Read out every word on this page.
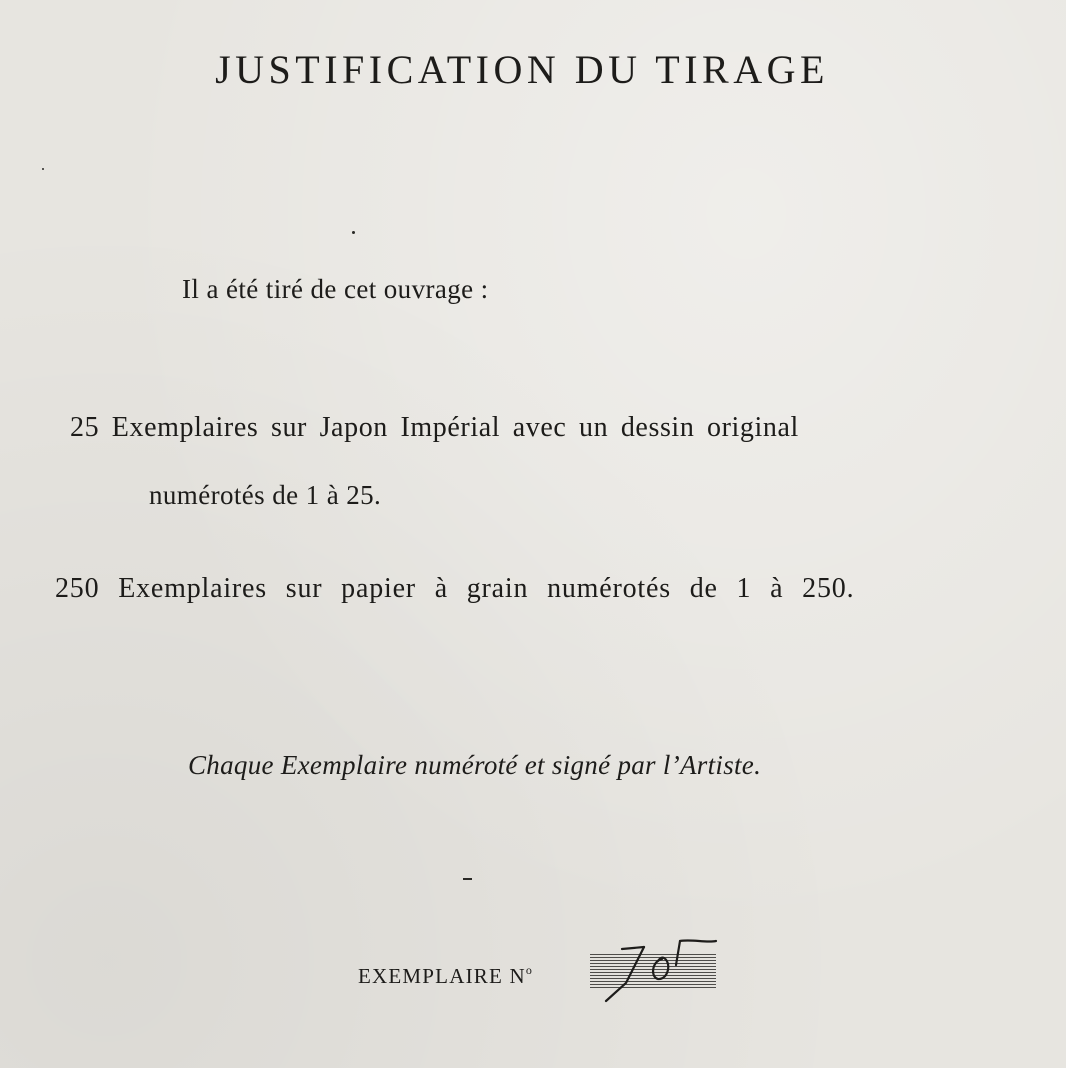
JUSTIFICATION DU TIRAGE
Il a été tiré de cet ouvrage :
25 Exemplaires sur Japon Impérial avec un dessin original
numérotés de 1 à 25.
250 Exemplaires sur papier à grain numérotés de 1 à 250.
Chaque Exemplaire numéroté et signé par l’Artiste.
EXEMPLAIRE $N^o$
